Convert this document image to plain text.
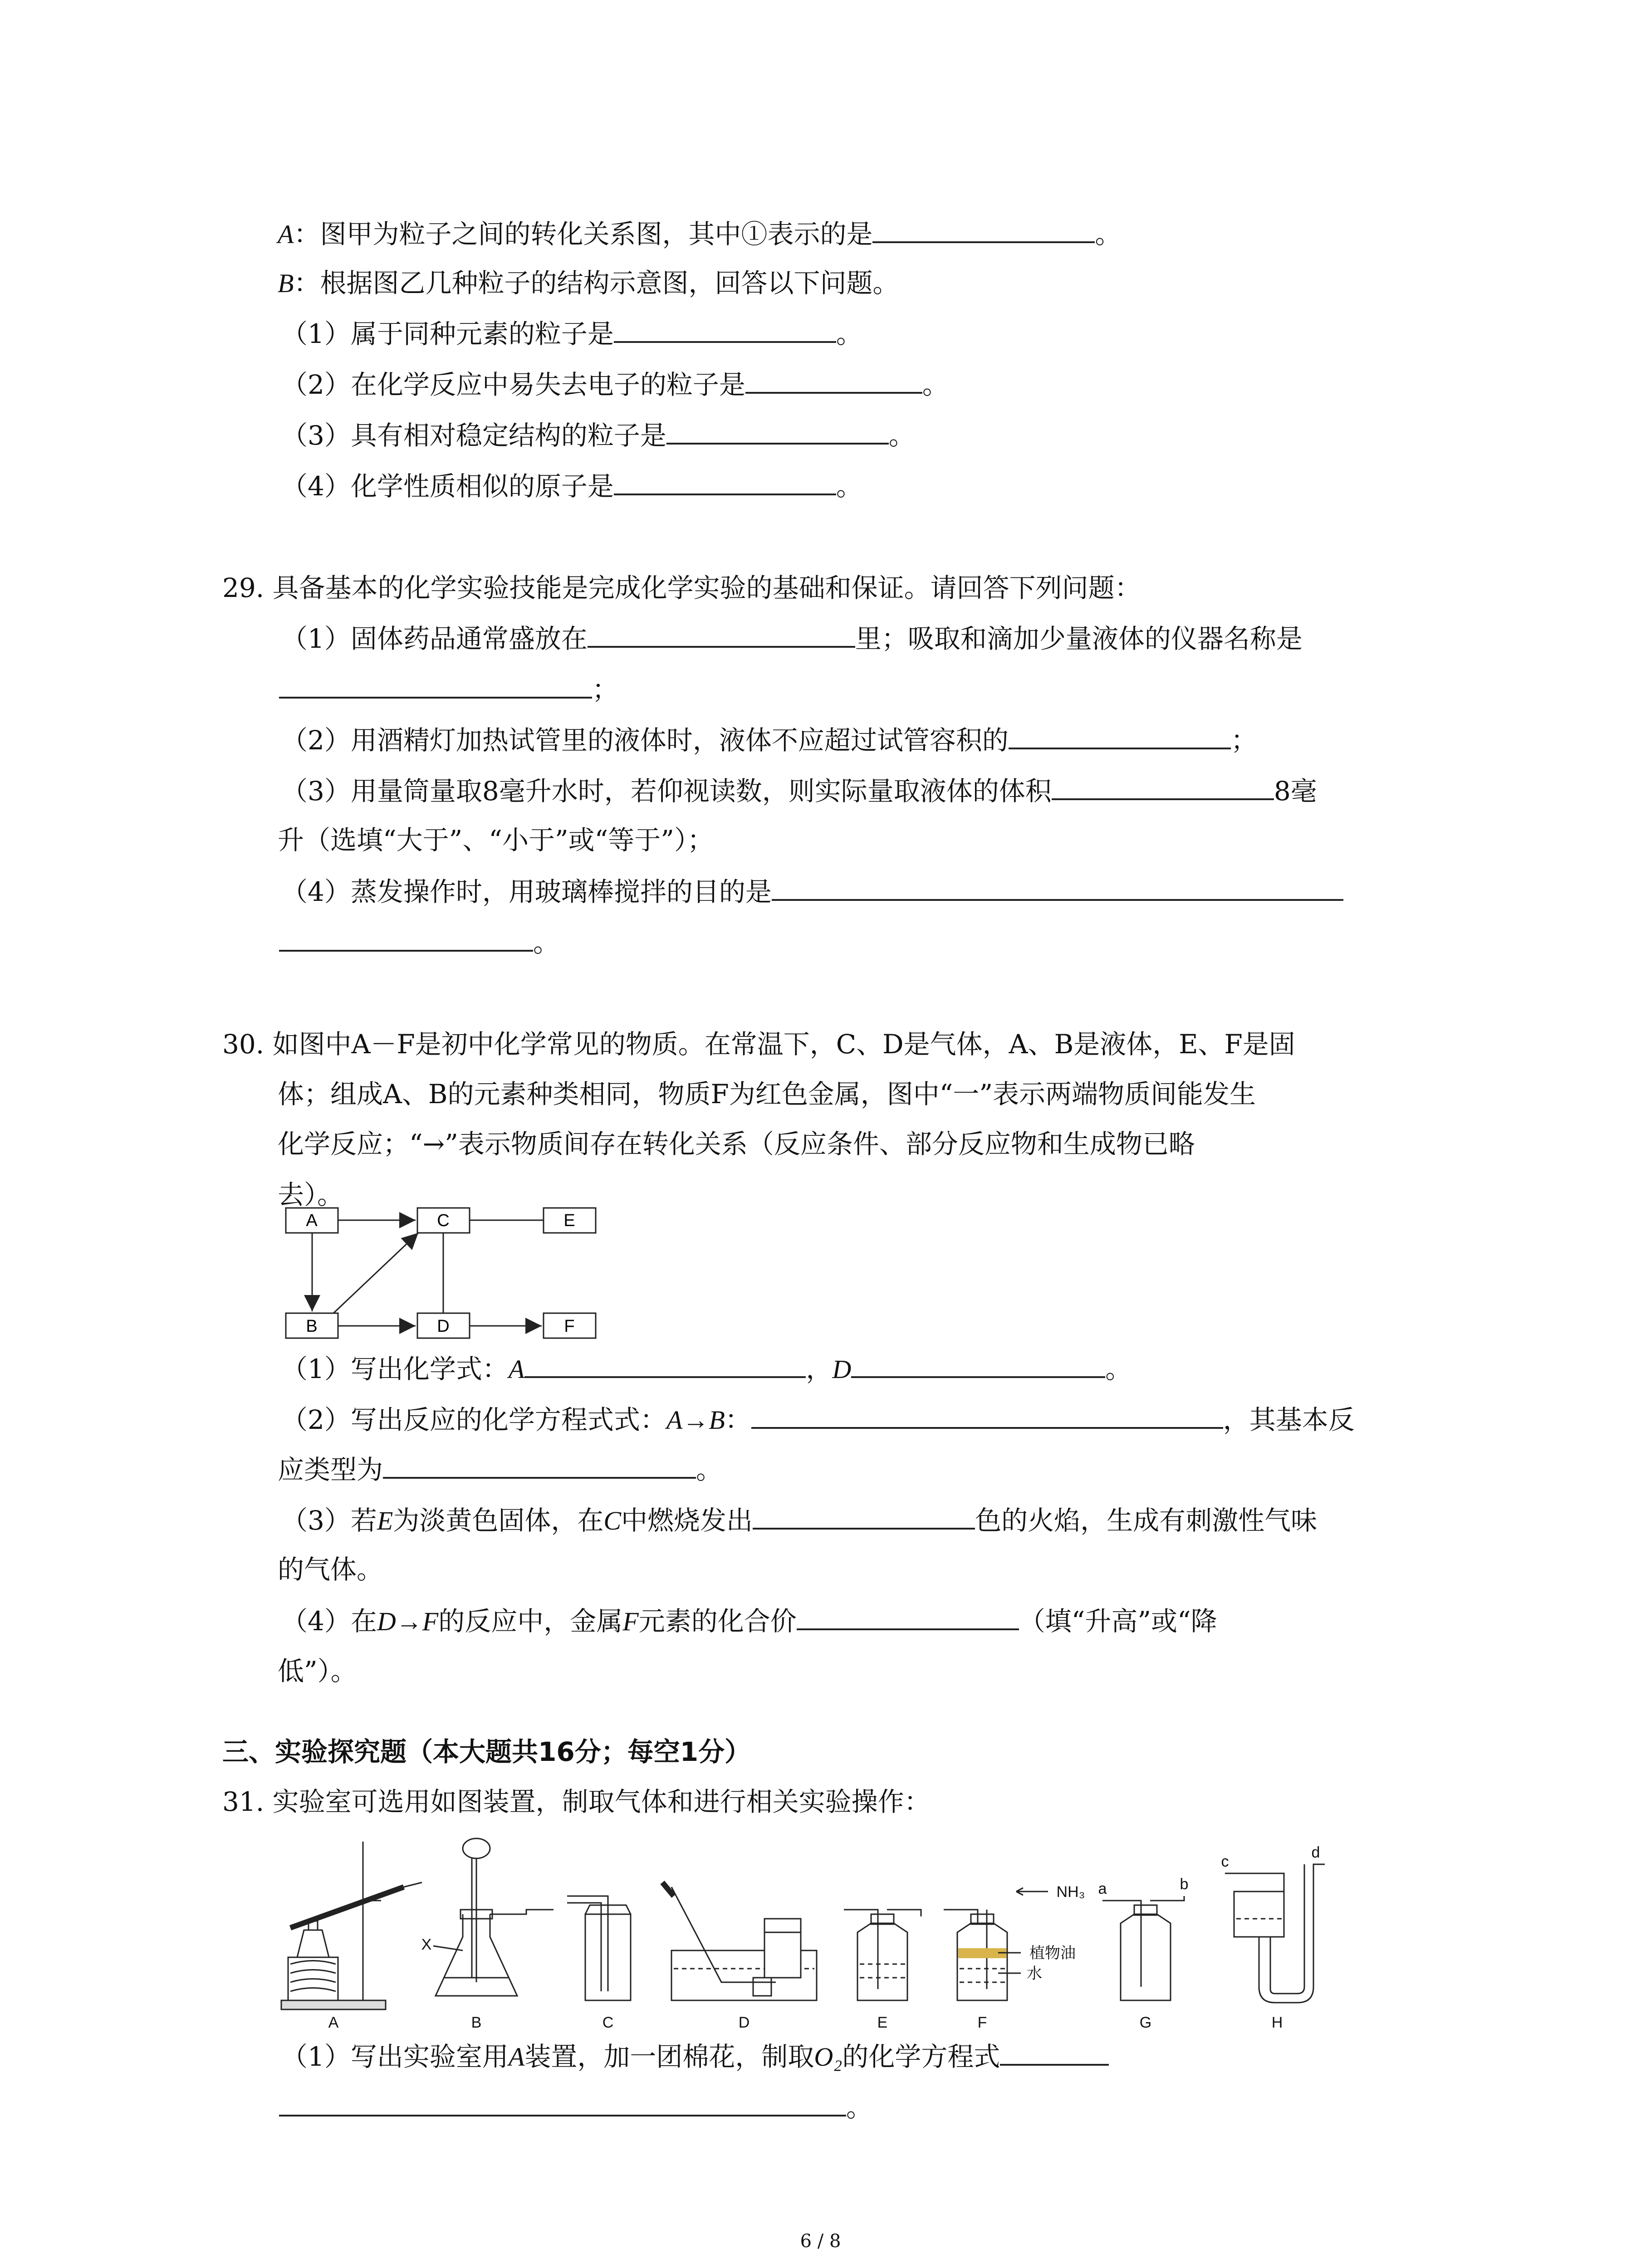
A：图甲为粒子之间的转化关系图，其中①表示的是	。
B：根据图乙几种粒子的结构示意图，回答以下问题。
（1）属于同种元素的粒子是	。
（2）在化学反应中易失去电子的粒子是	。
（3）具有相对稳定结构的粒子是	。
（4）化学性质相似的原子是	。
29. 具备基本的化学实验技能是完成化学实验的基础和保证。请回答下列问题：
（1）固体药品通常盛放在	里；吸取和滴加少量液体的仪器名称是
；
（2）用酒精灯加热试管里的液体时，液体不应超过试管容积的	；
（3）用量筒量取8毫升水时，若仰视读数，则实际量取液体的体积	8毫
升（选填“大于”、“小于”或“等于”）；
（4）蒸发操作时，用玻璃棒搅拌的目的是
。
30. 如图中A－F是初中化学常见的物质。在常温下，C、D是气体，A、B是液体，E、F是固
体；组成A、B的元素种类相同，物质F为红色金属，图中“一”表示两端物质间能发生
化学反应；“→”表示物质间存在转化关系（反应条件、部分反应物和生成物已略
去）。
A	C	E
B	D	F
（1）写出化学式：A	，D	。
（2）写出反应的化学方程式式：A→B：	，其基本反
应类型为	。
（3）若E为淡黄色固体，在C中燃烧发出	色的火焰，生成有刺激性气味
的气体。
（4）在D→F的反应中，金属F元素的化合价	（填“升高”或“降
低”）。
三、实验探究题（本大题共16分；每空1分）
31. 实验室可选用如图装置，制取气体和进行相关实验操作：
A	B	C	D	E	F	G	H
X
NH₃
植物油
水
a	b
c
d
（1）写出实验室用A装置，加一团棉花，制取O₂的化学方程式
。
6 / 8
